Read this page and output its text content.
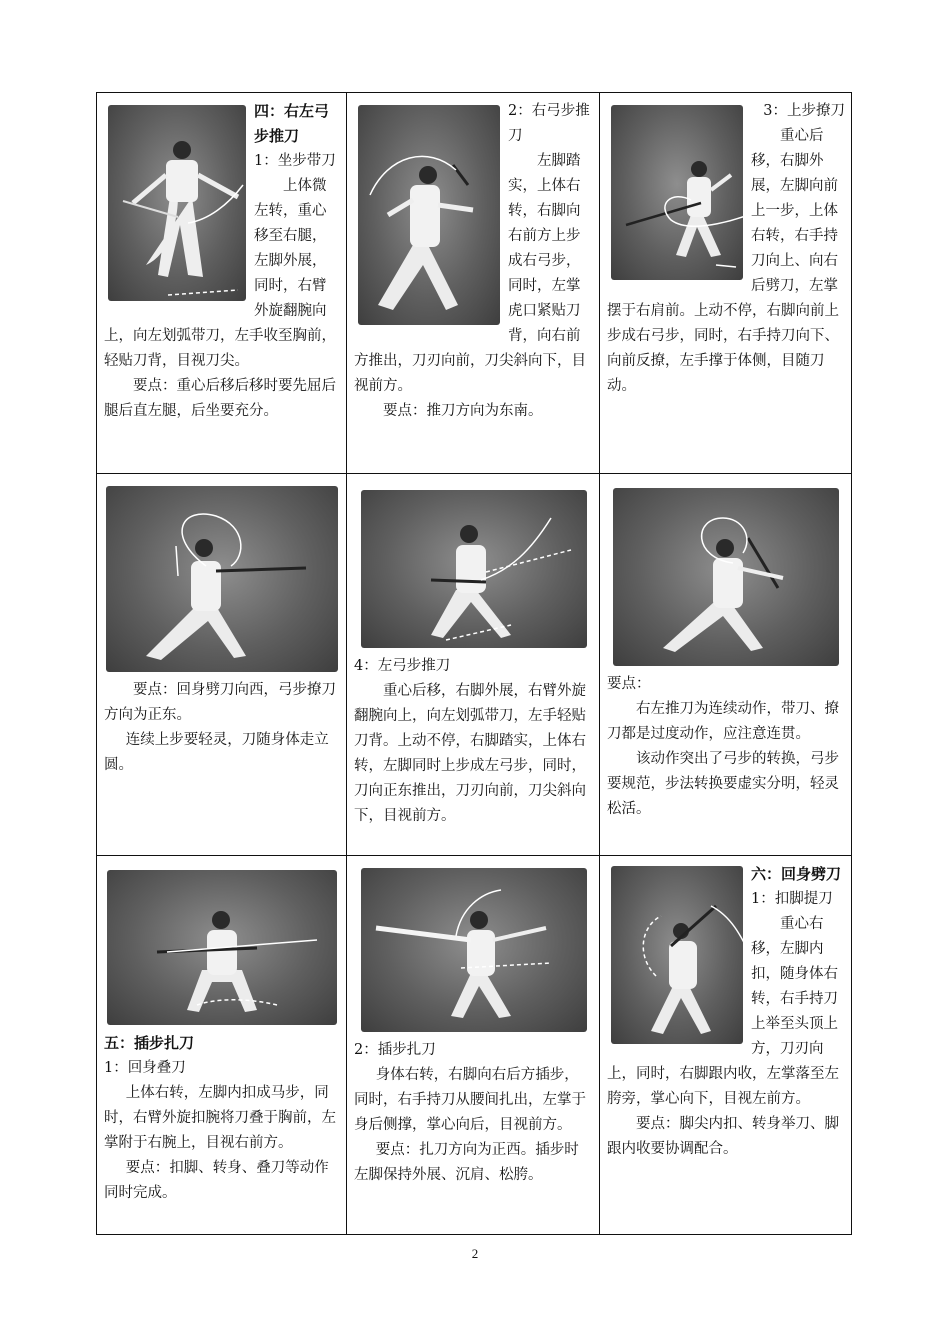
四：右左弓步推刀

1：坐步带刀

上体微左转，重心移至右腿，左脚外展，同时，右臂外旋翻腕向上，向左划弧带刀，左手收至胸前，轻贴刀背，目视刀尖。

要点：重心后移后移时要先屈后腿后直左腿，后坐要充分。

2：右弓步推刀

左脚踏实，上体右转，右脚向右前方上步成右弓步，同时，左掌虎口紧贴刀背，向右前方推出，刀刃向前，刀尖斜向下，目视前方。

要点：推刀方向为东南。

3：上步撩刀

重心后移，右脚外展，左脚向前上一步，上体右转，右手持刀向上、向右后劈刀，左掌摆于右肩前。上动不停，右脚向前上步成右弓步，同时，右手持刀向下、向前反撩，左手撑于体侧，目随刀动。

要点：回身劈刀向西，弓步撩刀方向为正东。

连续上步要轻灵，刀随身体走立圆。

4：左弓步推刀

重心后移，右脚外展，右臂外旋翻腕向上，向左划弧带刀，左手轻贴刀背。上动不停，右脚踏实，上体右转，左脚同时上步成左弓步，同时，刀向正东推出，刀刃向前，刀尖斜向下，目视前方。

要点：

右左推刀为连续动作，带刀、撩刀都是过度动作，应注意连贯。

该动作突出了弓步的转换，弓步要规范，步法转换要虚实分明，轻灵松活。

五：插步扎刀

1：回身叠刀

上体右转，左脚内扣成马步，同时，右臂外旋扣腕将刀叠于胸前，左掌附于右腕上，目视右前方。

要点：扣脚、转身、叠刀等动作同时完成。

2：插步扎刀

身体右转，右脚向右后方插步，同时，右手持刀从腰间扎出，左掌于身后侧撑，掌心向后，目视前方。

要点：扎刀方向为正西。插步时左脚保持外展、沉肩、松胯。

六：回身劈刀

1：扣脚提刀

重心右移，左脚内扣，随身体右转，右手持刀上举至头顶上方，刀刃向上，同时，右脚跟内收，左掌落至左胯旁，掌心向下，目视左前方。

要点：脚尖内扣、转身举刀、脚跟内收要协调配合。

2
